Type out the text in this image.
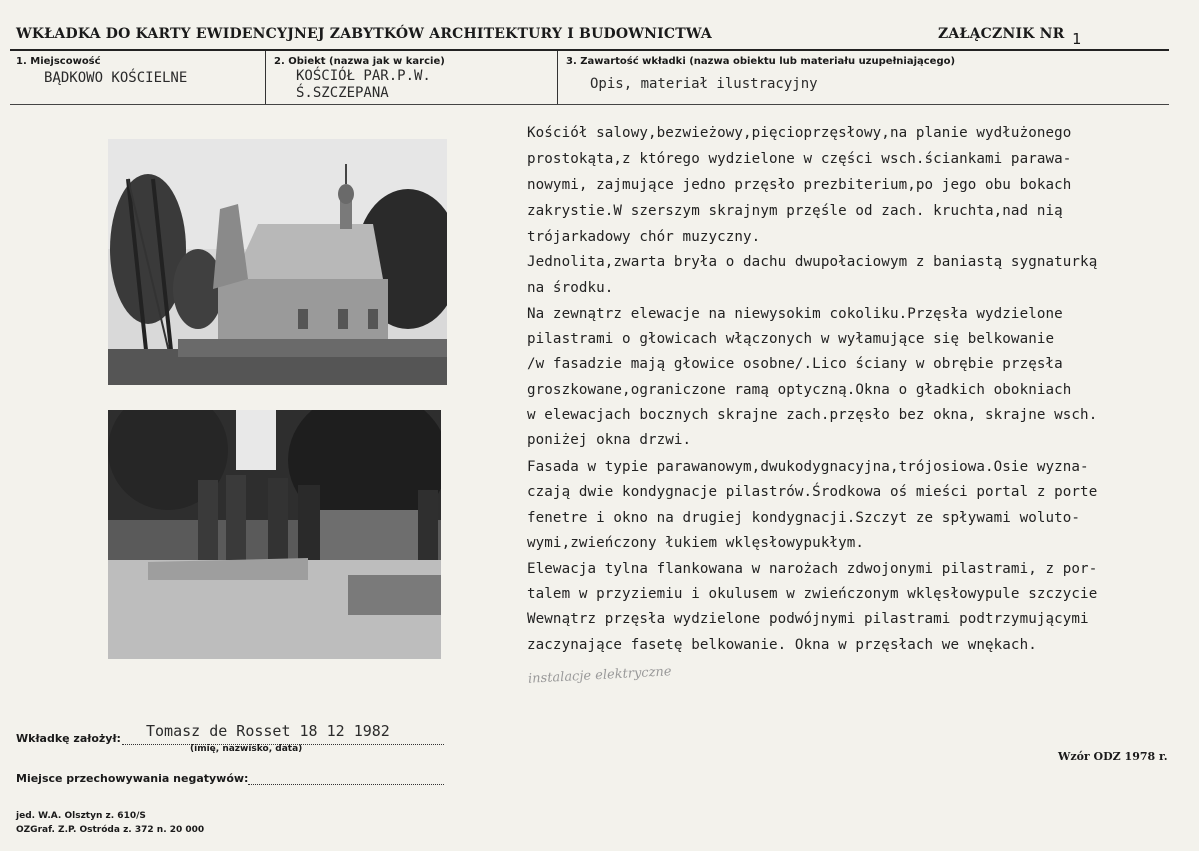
WKŁADKA DO KARTY EWIDENCYJNEJ ZABYTKÓW ARCHITEKTURY I BUDOWNICTWA	ZAŁĄCZNIK NR 1
1. Miejscowość
BĄDKOWO KOŚCIELNE
2. Obiekt (nazwa jak w karcie)
KOŚCIÓŁ PAR.P.W.
Ś.SZCZEPANA
3. Zawartość wkładki (nazwa obiektu lub materiału uzupełniającego)
Opis, materiał ilustracyjny
Kościół salowy,bezwieżowy,pięcioprzęsłowy,na planie wydłużonego
prostokąta,z którego wydzielone w części wsch.ściankami parawa-
nowymi, zajmujące jedno przęsło prezbiterium,po jego obu bokach
zakrystie.W szerszym skrajnym przęśle od zach. kruchta,nad nią
trójarkadowy chór muzyczny.
Jednolita,zwarta bryła o dachu dwupołaciowym z baniastą sygnaturką
na środku.
Na zewnątrz elewacje na niewysokim cokoliku.Przęsła wydzielone
pilastrami o głowicach włączonych w wyłamujące się belkowanie
/w fasadzie mają głowice osobne/.Lico ściany w obrębie przęsła
groszkowane,ograniczone ramą optyczną.Okna o gładkich obokniach
w elewacjach bocznych skrajne zach.przęsło bez okna, skrajne wsch.
poniżej okna drzwi.
Fasada w typie parawanowym,dwukodygnacyjna,trójosiowa.Osie wyzna-
czają dwie kondygnacje pilastrów.Środkowa oś mieści portal z porte
fenetre i okno na drugiej kondygnacji.Szczyt ze spływami woluto-
wymi,zwieńczony łukiem wklęsłowypukłym.
Elewacja tylna flankowana w narożach zdwojonymi pilastrami, z por-
talem w przyziemiu i okulusem w zwieńczonym wklęsłowypule szczycie
Wewnątrz przęsła wydzielone podwójnymi pilastrami podtrzymującymi
zaczynające fasetę belkowanie. Okna w przęsłach we wnękach.
instalacje elektryczne
Wkładkę założył: Tomasz de Rosset 18 12 1982
(imię, nazwisko, data)
Miejsce przechowywania negatywów:
Wzór ODZ 1978 r.
jed. W.A. Olsztyn z. 610/S
OZGraf. Z.P. Ostróda z. 372 n. 20 000
